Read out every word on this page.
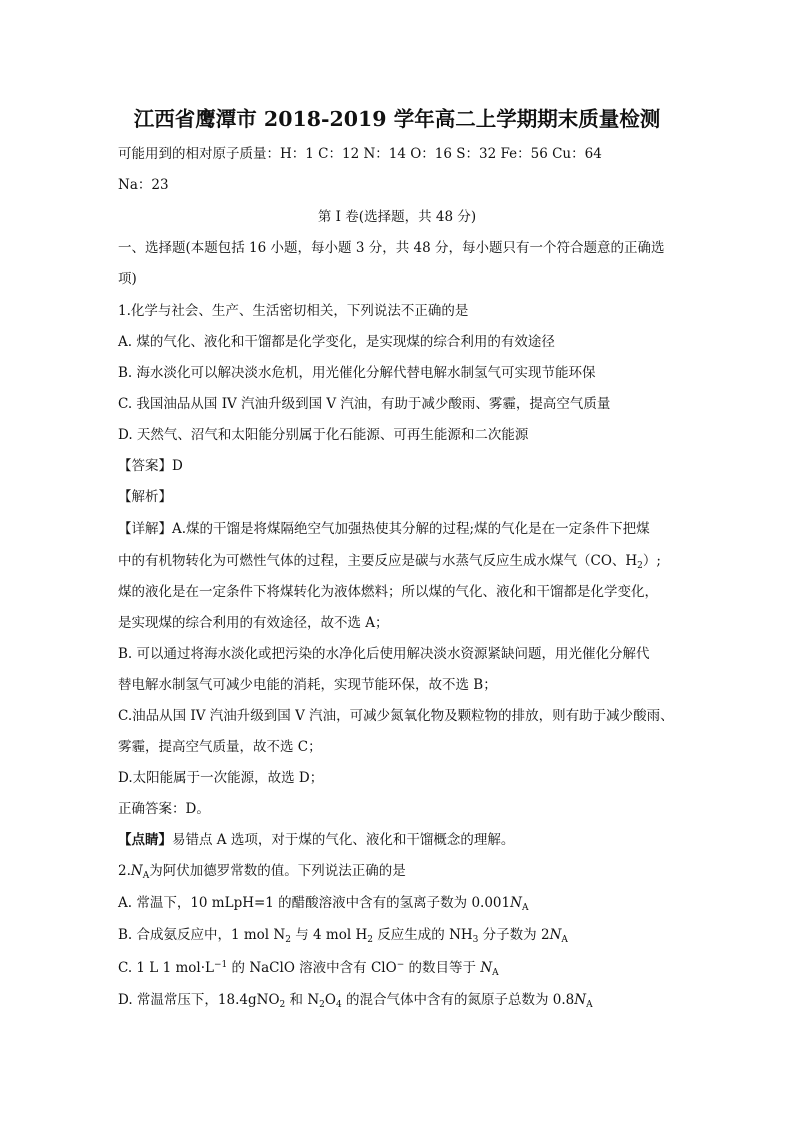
江西省鹰潭市 2018-2019 学年高二上学期期末质量检测
可能用到的相对原子质量：H：1 C：12 N：14 O：16 S：32 Fe：56 Cu：64
Na：23
第 I 卷(选择题，共 48 分)
一、选择题(本题包括 16 小题，每小题 3 分，共 48 分，每小题只有一个符合题意的正确选
项)
1.化学与社会、生产、生活密切相关，下列说法不正确的是
A. 煤的气化、液化和干馏都是化学变化，是实现煤的综合利用的有效途径
B. 海水淡化可以解决淡水危机，用光催化分解代替电解水制氢气可实现节能环保
C. 我国油品从国 IV 汽油升级到国 V 汽油，有助于减少酸雨、雾霾，提高空气质量
D. 天然气、沼气和太阳能分别属于化石能源、可再生能源和二次能源
【答案】D
【解析】
【详解】A.煤的干馏是将煤隔绝空气加强热使其分解的过程;煤的气化是在一定条件下把煤
中的有机物转化为可燃性气体的过程，主要反应是碳与水蒸气反应生成水煤气（CO、$H_2$）;
煤的液化是在一定条件下将煤转化为液体燃料；所以煤的气化、液化和干馏都是化学变化，
是实现煤的综合利用的有效途径，故不选 A；
B. 可以通过将海水淡化或把污染的水净化后使用解决淡水资源紧缺问题，用光催化分解代
替电解水制氢气可减少电能的消耗，实现节能环保，故不选 B；
C.油品从国 IV 汽油升级到国 V 汽油，可减少氮氧化物及颗粒物的排放，则有助于减少酸雨、
雾霾，提高空气质量，故不选 C；
D.太阳能属于一次能源，故选 D；
正确答案：D。
【点睛】易错点 A 选项，对于煤的气化、液化和干馏概念的理解。
$2.N_A$为阿伏加德罗常数的值。下列说法正确的是
A. 常温下，10 mLpH=1 的醋酸溶液中含有的氢离子数为 $0.001N_A$
B. 合成氨反应中，1 mol $N_2$ 与 4 mol $H_2$ 反应生成的 $NH_3$ 分子数为 $2N_A$
C. 1 L 1 $mol\cdot L^{-1}$ 的 NaClO 溶液中含有 ClO− 的数目等于 $N_A$
D. 常温常压下，18.4gNO$_2$ 和 $N_2O_4$ 的混合气体中含有的氮原子总数为 $0.8N_A$
